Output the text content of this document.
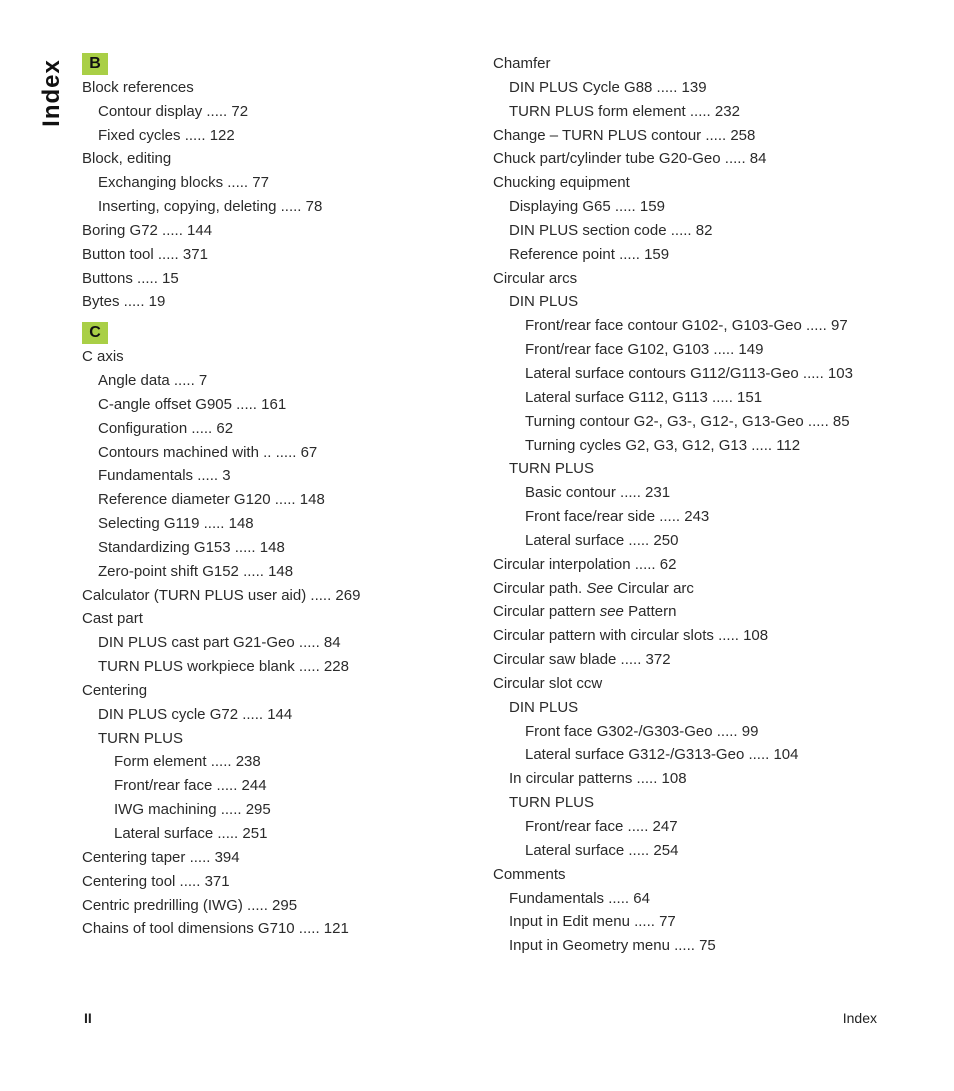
Index	B
Block references
Contour display ..... 72
Fixed cycles ..... 122
Block, editing
Exchanging blocks ..... 77
Inserting, copying, deleting ..... 78
Boring G72 ..... 144
Button tool ..... 371
Buttons ..... 15
Bytes ..... 19
C
C axis
Angle data ..... 7
C-angle offset G905 ..... 161
Configuration ..... 62
Contours machined with .. ..... 67
Fundamentals ..... 3
Reference diameter G120 ..... 148
Selecting G119 ..... 148
Standardizing G153 ..... 148
Zero-point shift G152 ..... 148
Calculator (TURN PLUS user aid) ..... 269
Cast part
DIN PLUS cast part G21-Geo ..... 84
TURN PLUS workpiece blank ..... 228
Centering
DIN PLUS cycle G72 ..... 144
TURN PLUS
Form element ..... 238
Front/rear face ..... 244
IWG machining ..... 295
Lateral surface ..... 251
Centering taper ..... 394
Centering tool ..... 371
Centric predrilling (IWG) ..... 295
Chains of tool dimensions G710 ..... 121
Chamfer
DIN PLUS Cycle G88 ..... 139
TURN PLUS form element ..... 232
Change – TURN PLUS contour ..... 258
Chuck part/cylinder tube G20-Geo ..... 84
Chucking equipment
Displaying G65 ..... 159
DIN PLUS section code ..... 82
Reference point ..... 159
Circular arcs
DIN PLUS
Front/rear face contour G102-, G103-Geo ..... 97
Front/rear face G102, G103 ..... 149
Lateral surface contours G112/G113-Geo ..... 103
Lateral surface G112, G113 ..... 151
Turning contour G2-, G3-, G12-, G13-Geo ..... 85
Turning cycles G2, G3, G12, G13 ..... 112
TURN PLUS
Basic contour ..... 231
Front face/rear side ..... 243
Lateral surface ..... 250
Circular interpolation ..... 62
Circular path. See Circular arc
Circular pattern see Pattern
Circular pattern with circular slots ..... 108
Circular saw blade ..... 372
Circular slot ccw
DIN PLUS
Front face G302-/G303-Geo ..... 99
Lateral surface G312-/G313-Geo ..... 104
In circular patterns ..... 108
TURN PLUS
Front/rear face ..... 247
Lateral surface ..... 254
Comments
Fundamentals ..... 64
Input in Edit menu ..... 77
Input in Geometry menu ..... 75
II	Index
